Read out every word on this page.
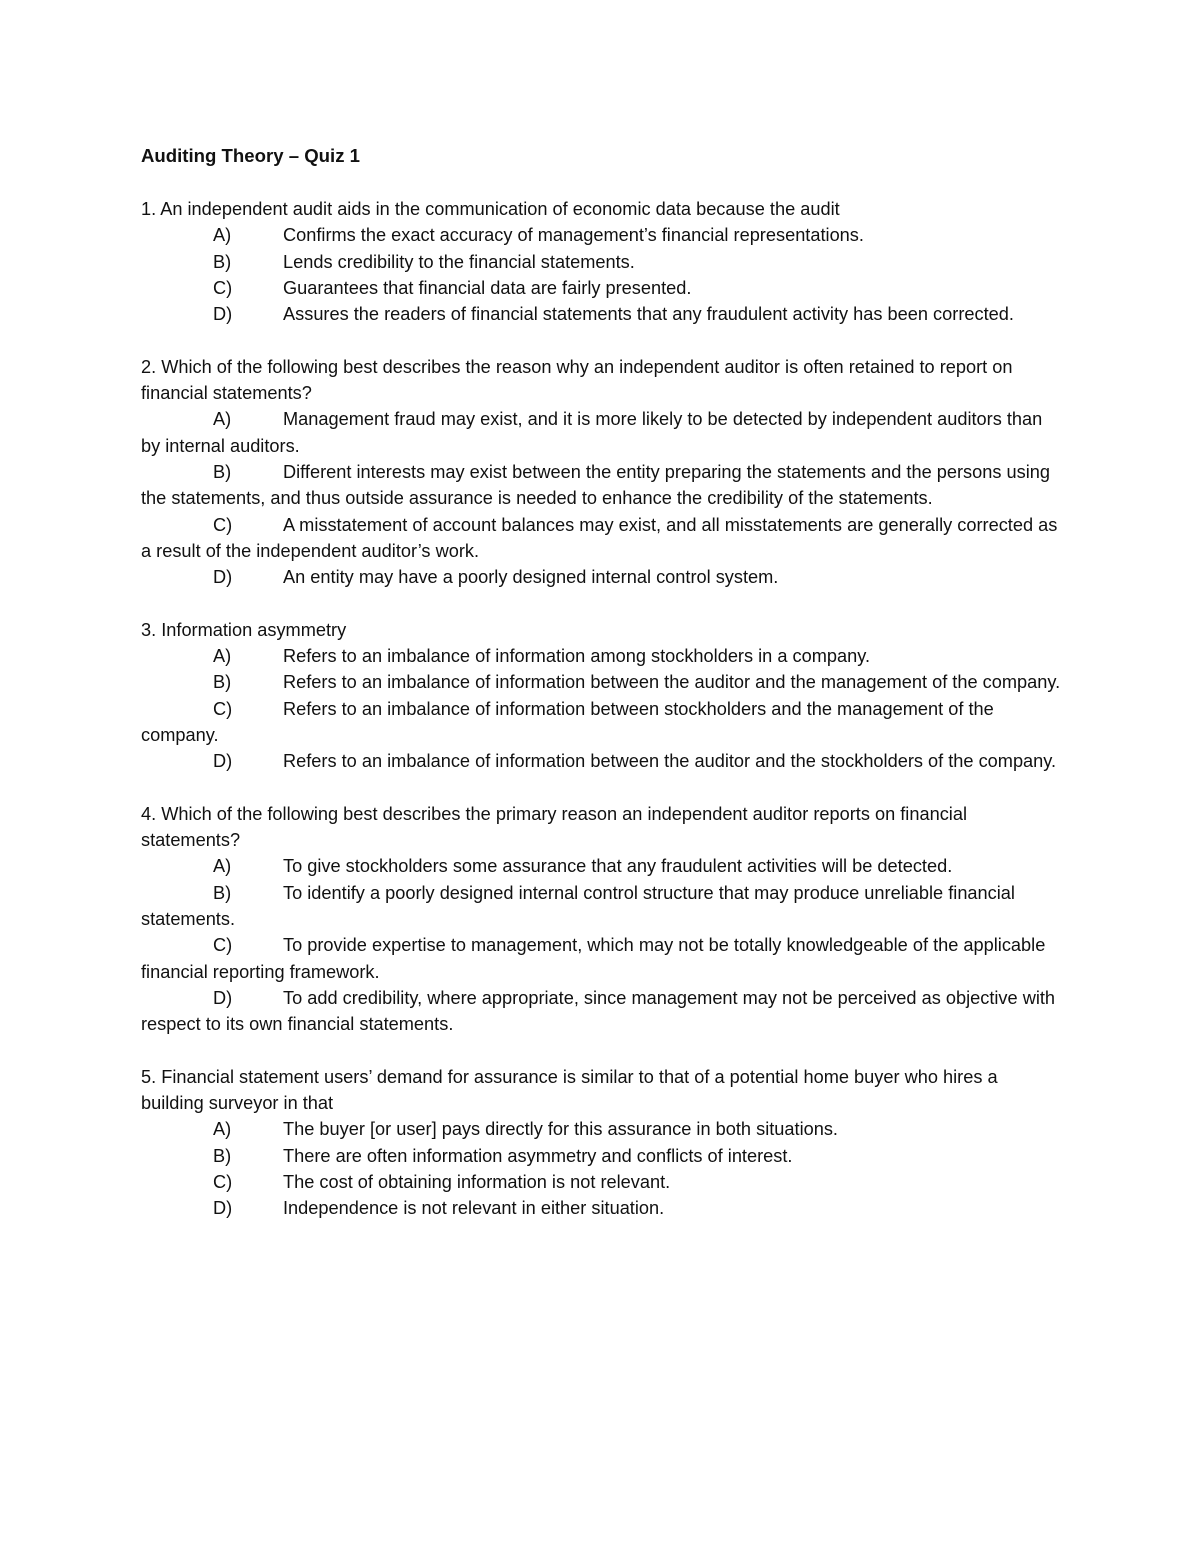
Auditing Theory – Quiz 1

1. An independent audit aids in the communication of economic data because the audit

A)	Confirms the exact accuracy of management’s financial representations.

B)	Lends credibility to the financial statements.

C)	Guarantees that financial data are fairly presented.

D)	Assures the readers of financial statements that any fraudulent activity has been corrected.

2. Which of the following best describes the reason why an independent auditor is often retained to report on financial statements?

A)	Management fraud may exist, and it is more likely to be detected by independent auditors than by internal auditors.

B)	Different interests may exist between the entity preparing the statements and the persons using the statements, and thus outside assurance is needed to enhance the credibility of the statements.

C)	A misstatement of account balances may exist, and all misstatements are generally corrected as a result of the independent auditor’s work.

D)	An entity may have a poorly designed internal control system.

3. Information asymmetry

A)	Refers to an imbalance of information among stockholders in a company.

B)	Refers to an imbalance of information between the auditor and the management of the company.

C)	Refers to an imbalance of information between stockholders and the management of the company.

D)	Refers to an imbalance of information between the auditor and the stockholders of the company.

4. Which of the following best describes the primary reason an independent auditor reports on financial statements?

A)	To give stockholders some assurance that any fraudulent activities will be detected.

B)	To identify a poorly designed internal control structure that may produce unreliable financial statements.

C)	To provide expertise to management, which may not be totally knowledgeable of the applicable financial reporting framework.

D)	To add credibility, where appropriate, since management may not be perceived as objective with respect to its own financial statements.

5. Financial statement users’ demand for assurance is similar to that of a potential home buyer who hires a building surveyor in that

A)	The buyer [or user] pays directly for this assurance in both situations.

B)	There are often information asymmetry and conflicts of interest.

C)	The cost of obtaining information is not relevant.

D)	Independence is not relevant in either situation.
